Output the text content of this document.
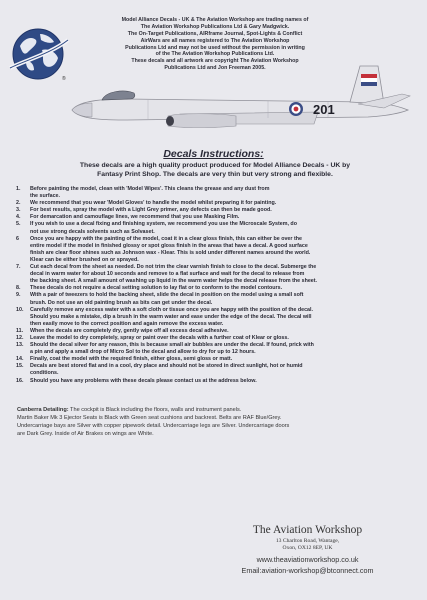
®
Model Alliance Decals - UK & The Aviation Workshop are trading names of
The Aviation Workshop Publications Ltd & Gary Madgwick.
The On-Target Publications, AIRframe Journal, Spot-Lights & Conflict
AirWars are all names registered to The Aviation Workshop
Publications Ltd and may not be used without the permission in writing
of the The Aviation Workshop Publications Ltd.
These decals and all artwork are copyright The Aviation Workshop
Publications Ltd and Jon Freeman 2005.
201
Decals Instructions:
These decals are a high quality product produced for Model Alliance Decals - UK by
Fantasy Print Shop. The decals are very thin but very strong and flexible.
1.	Before painting the model, clean with 'Model Wipes'. This cleans the grease and any dust from
the surface.
2.	We recommend that you wear 'Model Gloves' to handle the model whilst preparing it for painting.
3.	For best results, spray the model with a Light Grey primer, any defects can then be made good.
4.	For demarcation and camouflage lines, we recommend that you use Masking Film.
5.	If you wish to use a decal fixing and finishing system, we recommend you use the Microscale System, do
not use strong decals solvents such as Solvaset.
6	Once you are happy with the painting of the model, coat it in a clear gloss finish, this can either be over the
entire model if the model in finished glossy or spot gloss finish in the areas that have a decal. A good surface
finish are clear floor shines such as Johnson wax - Klear. This is sold under different names around the world.
Klear can be either brushed on or sprayed.
7.	Cut each decal from the sheet as needed. Do not trim the clear varnish finish to close to the decal. Submerge the
decal in warm water for about 10 seconds and remove to a flat surface and wait for the decal to release from
the backing sheet. A small amount of washing up liquid in the warm water helps the decal release from the sheet.
8.	These decals do not require a decal setting solution to lay flat or to conform to the model contours.
9.	With a pair of tweezers to hold the backing sheet, slide the decal in position on the model using a small soft
brush. Do not use an old painting brush as bits can get under the decal.
10.	Carefully remove any excess water with a soft cloth or tissue once you are happy with the position of the decal.
Should you make a mistake, dip a brush in the warm water and ease under the edge of the decal. The decal will
then easily move to the correct position and again remove the excess water.
11.	When the decals are completely dry, gently wipe off all excess decal adhesive.
12.	Leave the model to dry completely, spray or paint over the decals with a further coat of Klear or gloss.
13.	Should the decal silver for any reason, this is because small air bubbles are under the decal. If found, prick with
a pin and apply a small drop of Micro Sol to the decal and allow to dry for up to 12 hours.
14.	Finally, coat the model with the required finish, either gloss, semi gloss or matt.
15.	Decals are best stored flat and in a cool, dry place and should not be stored in direct sunlight, hot or humid
conditions.
16.	Should you have any problems with these decals please contact us at the address below.
Canberra Detailing: The cockpit is Black including the floors, walls and instrument panels.
Martin Baker Mk 3 Ejector Seats is Black with Green seat cushions and backrest. Belts are RAF Blue/Grey.
Undercarriage bays are Silver with copper pipework detail. Undercarriage legs are Silver. Undercarriage doors
are Dark Grey. Inside of Air Brakes on wings are White.
The Aviation Workshop
13 Charlton Road, Wantage,
Oxon, OX12 8EP, UK
www.theaviationworkshop.co.uk
Email:aviation-workshop@btconnect.com
